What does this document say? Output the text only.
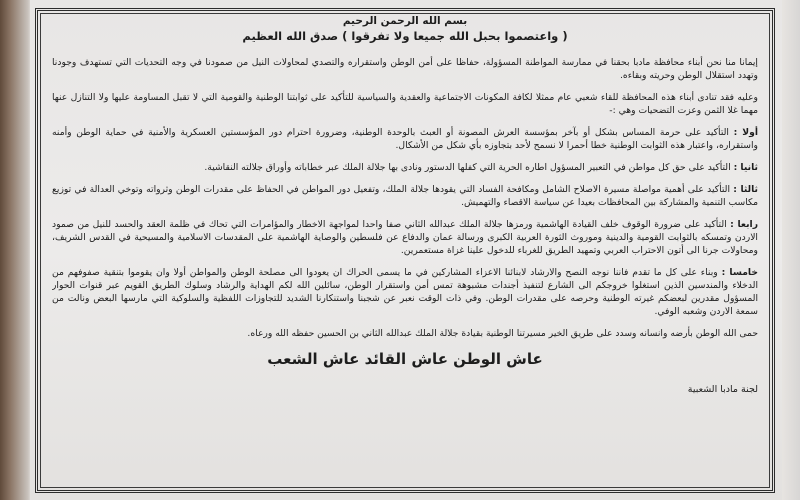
بسم الله الرحمن الرحيم
( واعتصموا بحبل الله جميعا ولا تفرقوا ) صدق الله العظيم

إيمانا منا نحن أبناء محافظة مادبا بحقنا في ممارسة المواطنة المسؤولة، حفاظا على أمن الوطن واستقراره والتصدي لمحاولات النيل من صمودنا في وجه التحديات التي تستهدف وجودنا وتهدد استقلال الوطن وحريته وبقاءه.

وعليه فقد تنادى أبناء هذه المحافظة للقاء شعبي عام ممثلا لكافة المكونات الاجتماعية والعقدية والسياسية للتأكيد على ثوابتنا الوطنية والقومية التي لا تقبل المساومة عليها ولا التنازل عنها مهما غلا الثمن وعزت التضحيات وهي :-

أولا : التأكيد على حرمة المساس بشكل أو بآخر بمؤسسة العرش المصونة أو العبث بالوحدة الوطنية، وضرورة احترام دور المؤسستين العسكرية والأمنية في حماية الوطن وأمنه واستقراره، واعتبار هذه الثوابت الوطنية خطا أحمرا لا نسمح لأحد بتجاوزه بأي شكل من الأشكال.

ثانيا : التأكيد على حق كل مواطن في التعبير المسؤول اطاره الحرية التي كفلها الدستور ونادى بها جلالة الملك عبر خطاباته وأوراق جلالته النقاشية.

ثالثا : التأكيد على أهمية مواصلة مسيرة الاصلاح الشامل ومكافحة الفساد التي يقودها جلالة الملك، وتفعيل دور المواطن في الحفاظ على مقدرات الوطن وثرواته وتوخي العدالة في توزيع مكاسب التنمية والمشاركة بين المحافظات بعيدا عن سياسة الاقصاء والتهميش.

رابعا : التأكيد على ضرورة الوقوف خلف القيادة الهاشمية ورمزها جلالة الملك عبدالله الثاني صفا واحدا لمواجهة الاخطار والمؤامرات التي تحاك في ظلمة العقد والحسد للنيل من صمود الاردن وتمسكه بالثوابت القومية والدينية وموروث الثورة العربية الكبرى ورسالة عمان والدفاع عن فلسطين والوصاية الهاشمية على المقدسات الاسلامية والمسيحية في القدس الشريف، ومحاولات جرنا الى أتون الاحتراب العربي وتمهيد الطريق للغرباء للدخول علينا غزاة مستعمرين.

خامسا : وبناء على كل ما تقدم فاننا نوجه النصح والارشاد لابنائنا الاعزاء المشاركين في ما يسمى الحراك ان يعودوا الى مصلحة الوطن والمواطن أولا وان يقوموا بتنقية صفوفهم من الدخلاء والمندسين الذين استغلوا خروجكم الى الشارع لتنفيذ أجندات مشبوهة تمس أمن واستقرار الوطن، سائلين الله لكم الهداية والرشاد وسلوك الطريق القويم عبر قنوات الحوار المسؤول مقدرين لبعضكم غيرته الوطنية وحرصه على مقدرات الوطن. وفي ذات الوقت نعبر عن شجبنا واستنكارنا الشديد للتجاوزات اللفظية والسلوكية التي مارسها البعض ونالت من سمعة الاردن وشعبه الوفي.

حمى الله الوطن بأرضه وانسانه وسدد على طريق الخير مسيرتنا الوطنية بقيادة جلالة الملك عبدالله الثاني بن الحسين حفظه الله ورعاه.

عاش الوطن عاش القائد عاش الشعب
لجنة مادبا الشعبية
